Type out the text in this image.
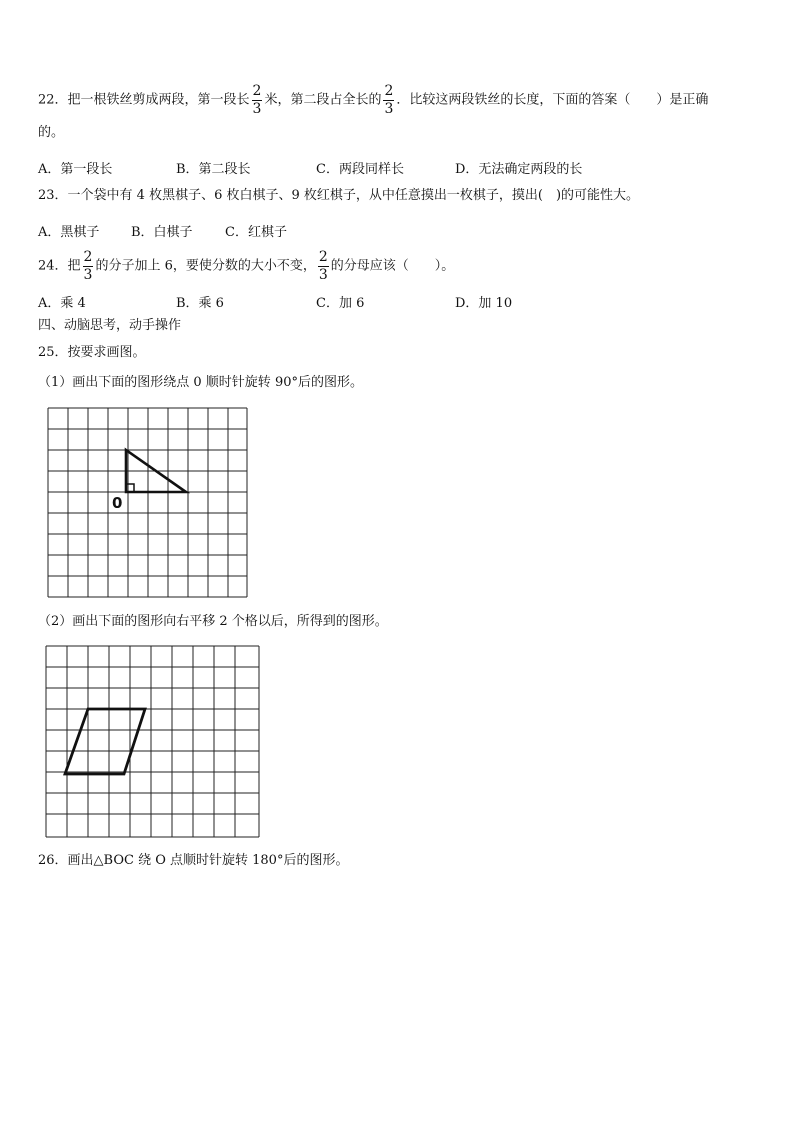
22．把一根铁丝剪成两段，第一段长 $\frac{2}{3}$ 米，第二段占全长的 $\frac{2}{3}$ ．比较这两段铁丝的长度，下面的答案（　　）是正确
的。
A．第一段长	B．第二段长	C．两段同样长	D．无法确定两段的长
23．一个袋中有 4 枚黑棋子、6 枚白棋子、9 枚红棋子，从中任意摸出一枚棋子，摸出(　)的可能性大。
A．黑棋子 B．白棋子 C．红棋子
24．把 $\frac{2}{3}$ 的分子加上 6，要使分数的大小不变， $\frac{2}{3}$ 的分母应该（　　）。
A．乘 4	B．乘 6	C．加 6	D．加 10
四、动脑思考，动手操作
25．按要求画图。
（1）画出下面的图形绕点 0 顺时针旋转 90°后的图形。
0
（2）画出下面的图形向右平移 2 个格以后，所得到的图形。
26．画出△BOC 绕 O 点顺时针旋转 180°后的图形。
